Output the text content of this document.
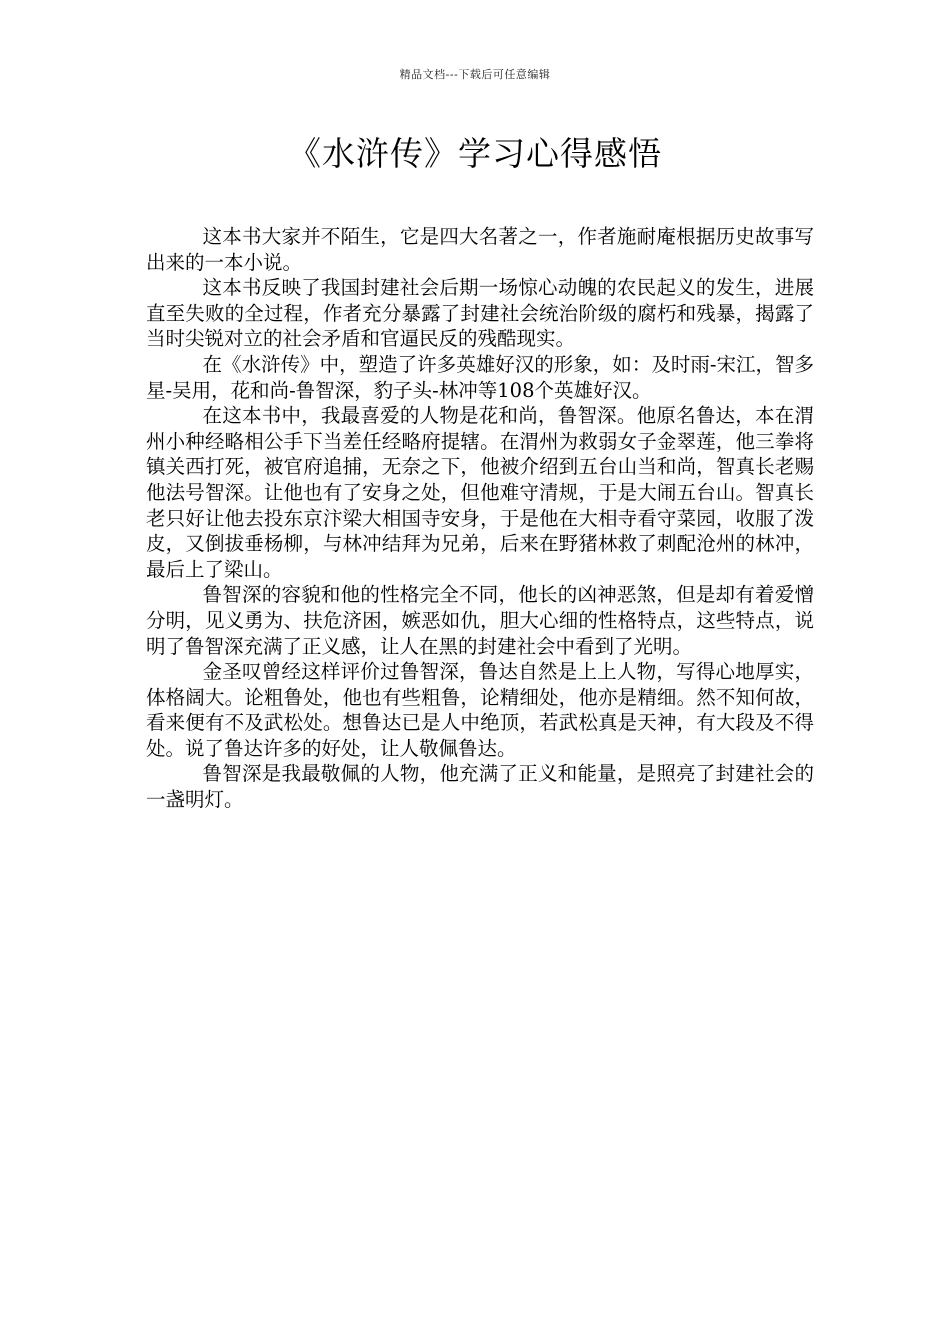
精品文档---下载后可任意编辑
《水浒传》学习心得感悟

这本书大家并不陌生，它是四大名著之一，作者施耐庵根据历史故事写出来的一本小说。

这本书反映了我国封建社会后期一场惊心动魄的农民起义的发生，进展直至失败的全过程，作者充分暴露了封建社会统治阶级的腐朽和残暴，揭露了当时尖锐对立的社会矛盾和官逼民反的残酷现实。

在《水浒传》中，塑造了许多英雄好汉的形象，如：及时雨-宋江，智多星-吴用，花和尚-鲁智深，豹子头-林冲等108个英雄好汉。

在这本书中，我最喜爱的人物是花和尚，鲁智深。他原名鲁达，本在渭州小种经略相公手下当差任经略府提辖。在渭州为救弱女子金翠莲，他三拳将镇关西打死，被官府追捕，无奈之下，他被介绍到五台山当和尚，智真长老赐他法号智深。让他也有了安身之处，但他难守清规，于是大闹五台山。智真长老只好让他去投东京汴梁大相国寺安身，于是他在大相寺看守菜园，收服了泼皮，又倒拔垂杨柳，与林冲结拜为兄弟，后来在野猪林救了刺配沧州的林冲，最后上了梁山。

鲁智深的容貌和他的性格完全不同，他长的凶神恶煞，但是却有着爱憎分明，见义勇为、扶危济困，嫉恶如仇，胆大心细的性格特点，这些特点，说明了鲁智深充满了正义感，让人在黑的封建社会中看到了光明。

金圣叹曾经这样评价过鲁智深，鲁达自然是上上人物，写得心地厚实，体格阔大。论粗鲁处，他也有些粗鲁，论精细处，他亦是精细。然不知何故，看来便有不及武松处。想鲁达已是人中绝顶，若武松真是天神，有大段及不得处。说了鲁达许多的好处，让人敬佩鲁达。

鲁智深是我最敬佩的人物，他充满了正义和能量，是照亮了封建社会的一盏明灯。
